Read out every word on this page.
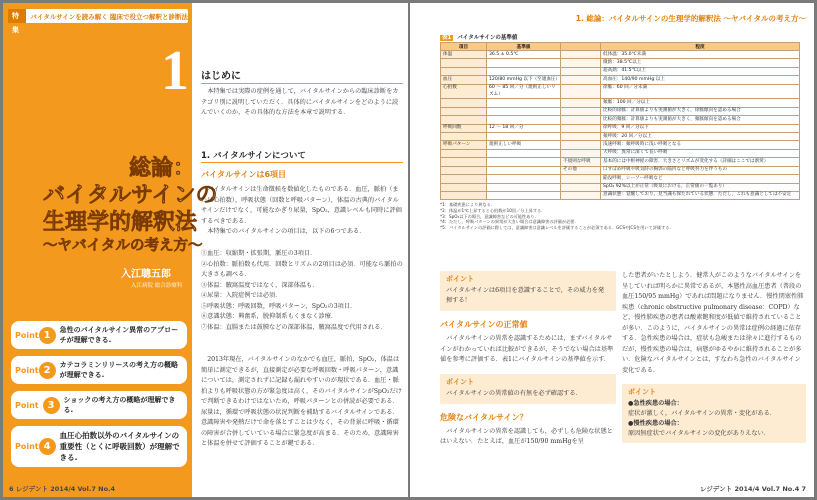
特集
バイタルサインを読み解く 臨床で役立つ解釈と診断法
1
総論：
バイタルサインの
生理学的解釈法
～ヤバイタルの考え方～
入江聰五郎
入江病院 総合診療科
Point 1	急性のバイタルサイン異常のアプローチが理解できる.
Point 2	カテコラミンリリースの考え方の概略が理解できる.
Point 3	ショックの考え方の概略が理解できる.
Point 4
血圧心拍数以外のバイタルサインの重要性（とくに呼吸回数）が理解できる.
6 レジデント 2014/4 Vol.7 No.4
はじめに

本特集では実際の症例を通して，バイタルサインからの臨床診断をカテゴリ別に説明していただく．具体的にバイタルサインをどのように読んでいくのか，その具体的な方法を本章で説明する．

1. バイタルサインについて
バイタルサインは6項目

バイタルサインは生命徴候を数値化したものである．血圧，脈拍（または心拍数），呼吸状態（回数と呼吸パターン），体温の古典的バイタルサインだけでなく，可能なかぎり尿量，SpO₂，意識レベルも同時に評価するべきである．

本特集でのバイタルサインの項目は，以下の6つである．

①血圧：収縮期・拡張期，脈圧の3項目．
②心拍数：脈拍数も代用．回数とリズムの2項目は必須．可能なら脈拍の大きさも調べる．
③体温：腋窩温度ではなく，深部体温も．
④尿量：入院症例では必須．
⑤呼吸状態：呼吸回数，呼吸パターン，SpO₂の3項目．
⑥意識状態：興奮系，脱抑制系もくまなく診療．
⑦体温：直腸または鼓膜などの深部体温，腋窩温度で代用される．

2013年現在，バイタルサインのなかでも血圧，脈拍，SpO₂，体温は簡単に測定できるが，直接測定が必要な呼吸回数・呼吸パターン，意識については，測定されずに記録も漏れやすいのが現状である．血圧・脈拍よりも呼吸状態の方が緊急度は高く，そのバイタルサインがSpO₂だけで判断できるわけではないため，呼吸パターンとの併読が必要である．尿量は，循環で呼吸状態の状況判断を補助するバイタルサインである．意識障害や発熱だけで命を落とすことは少なく，その背景に呼吸・循環の障害が合併していている場合に緊急度が高まる．そのため，意識障害と体温を併せて評価することが鍵である．

1. 総論：バイタルサインの生理学的解釈法 ～ヤバイタルの考え方～
表1 バイタルサインの基準値
項目	基準値		程度
体温	36.5 ± 0.5℃		低体温：35.0℃未満
			微熱：38.5℃以上
			超高熱：41.5℃以上
血圧	120/80 mmHg 以下（至適血圧）		高血圧：140/90 mmHg 以上
心拍数	60 ～ 85 回／分（規則正しいリズム）		徐脈：60 回／分未満
			頻脈：100 回／分以上
			比較的徐脈：計算値よりも実測値が大きく，徐脈傾向を認める場合
			比較的頻脈：計算値よりも実測値が大きく，頻脈傾向を認める場合
呼吸回数	12 ～ 18 回／分		徐呼吸：9 回／分以下
			頻呼吸：20 回／分以上
呼吸パターン	規則正しい呼吸		浅速呼吸：頻呼吸時に浅い呼吸となる
			大呼吸：異常に深くて長い呼吸
		不規則な呼吸	基本的には中枢神経の障害．大きさとリズムが変化する（詳細はここでは割愛）
		その他	口すぼめ呼吸や吸気時の胸郭の陥凹など呼吸努力を伴うもの
			陥没呼吸，シーソー呼吸など
			SpO₂ 92%以上が正常（吸気における，正常値の一覧あり）
			意識状態：覚醒しており，見当識も保たれている状態．ただし，これも意識としては不安定
*1：基礎疾患により異なる．
*2：体温が1℃上昇すると心拍数が10回／分上昇する．
*3：SpO₂以下の場合，意識障害などの可能性あり．
*4：ただし，呼吸パターンの異常が大きい場合は意識障害の評価が必要．
*5：バイタルサインの評価に際しては，意識障害は意識レベルを評価することが必須である．GCSやJCSを用いて評価する．
ポイント
バイタルサインは6項目を意識することで，その威力を発揮する！
バイタルサインの正常値

バイタルサインの異常を認識するためには，まずバイタルサインがわかっていれば比較ができるが，そうでない場合は基準値を参考に評価する．表1にバイタルサインの基準値を示す．

ポイント
バイタルサインの異常値の有無を必ず確認する．
危険なバイタルサイン？

バイタルサインの異常を認識しても，必ずしも危険な状態とはいえない．たとえば，血圧が150/90 mmHgを呈

した患者がいたとしよう．健常人がこのようなバイタルサインを呈していれば明らかに異常であるが，本態性高血圧患者（普段の血圧150/95 mmHg）であれば問題になりません．慢性閉塞性肺疾患（chronic obstructive pulmonary disease：COPD）など，慢性肺疾患の患者は酸素飽和度が低値で維持されていることが多い．このように，バイタルサインの異常は症例の経過に依存する．急性疾患の場合は，症状も急峻または徐々に進行するものだが，慢性疾患の場合は，病態がゆるやかに維持されることが多い．危険なバイタルサインとは，すなわち急性のバイタルサイン変化である．

ポイント
●急性疾患の場合：
症状が激しく，バイタルサインの異常・変化がある．
●慢性疾患の場合：
原因無症状でバイタルサインの変化がありえない．
レジデント 2014/4 Vol.7 No.4 7
